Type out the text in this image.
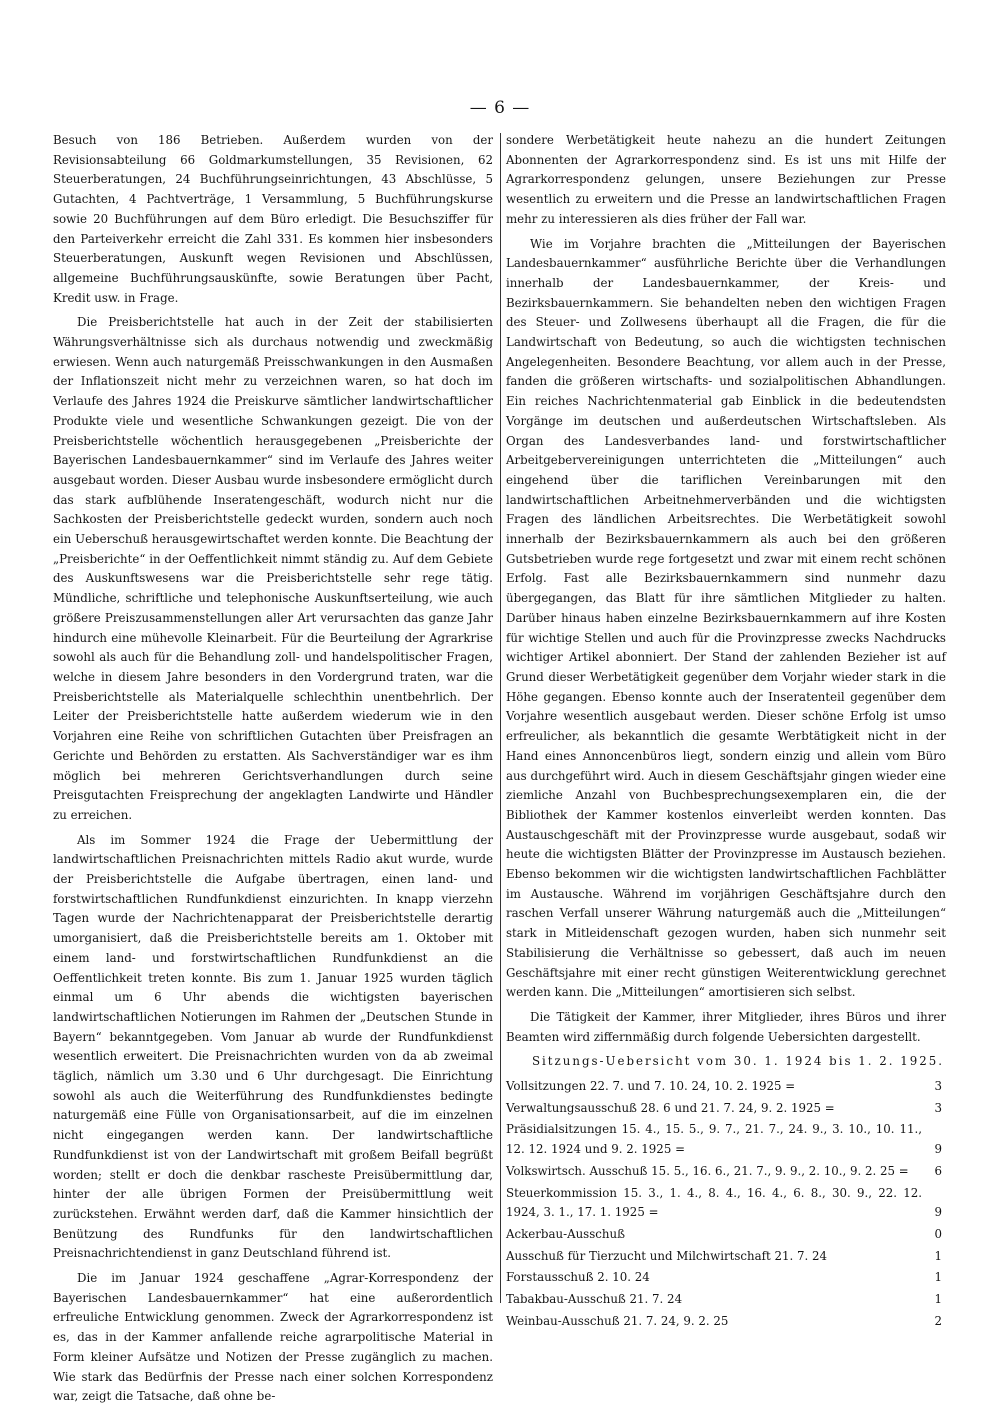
— 6 —

Besuch von 186 Betrieben. Außerdem wurden von der Revisionsabteilung 66 Goldmarkumstellungen, 35 Revisionen, 62 Steuerberatungen, 24 Buchführungseinrichtungen, 43 Abschlüsse, 5 Gutachten, 4 Pachtverträge, 1 Versammlung, 5 Buchführungskurse sowie 20 Buchführungen auf dem Büro erledigt. Die Besuchsziffer für den Parteiverkehr erreicht die Zahl 331. Es kommen hier insbesonders Steuerberatungen, Auskunft wegen Revisionen und Abschlüssen, allgemeine Buchführungsauskünfte, sowie Beratungen über Pacht, Kredit usw. in Frage.

Die Preisberichtstelle hat auch in der Zeit der stabilisierten Währungsverhältnisse sich als durchaus notwendig und zweckmäßig erwiesen. Wenn auch naturgemäß Preisschwankungen in den Ausmaßen der Inflationszeit nicht mehr zu verzeichnen waren, so hat doch im Verlaufe des Jahres 1924 die Preiskurve sämtlicher landwirtschaftlicher Produkte viele und wesentliche Schwankungen gezeigt. Die von der Preisberichtstelle wöchentlich herausgegebenen „Preisberichte der Bayerischen Landesbauernkammer“ sind im Verlaufe des Jahres weiter ausgebaut worden. Dieser Ausbau wurde insbesondere ermöglicht durch das stark aufblühende Inseratengeschäft, wodurch nicht nur die Sachkosten der Preisberichtstelle gedeckt wurden, sondern auch noch ein Ueberschuß herausgewirtschaftet werden konnte. Die Beachtung der „Preisberichte“ in der Oeffentlichkeit nimmt ständig zu. Auf dem Gebiete des Auskunftswesens war die Preisberichtstelle sehr rege tätig. Mündliche, schriftliche und telephonische Auskunftserteilung, wie auch größere Preiszusammenstellungen aller Art verursachten das ganze Jahr hindurch eine mühevolle Kleinarbeit. Für die Beurteilung der Agrarkrise sowohl als auch für die Behandlung zoll- und handelspolitischer Fragen, welche in diesem Jahre besonders in den Vordergrund traten, war die Preisberichtstelle als Materialquelle schlechthin unentbehrlich. Der Leiter der Preisberichtstelle hatte außerdem wiederum wie in den Vorjahren eine Reihe von schriftlichen Gutachten über Preisfragen an Gerichte und Behörden zu erstatten. Als Sachverständiger war es ihm möglich bei mehreren Gerichtsverhandlungen durch seine Preisgutachten Freisprechung der angeklagten Landwirte und Händler zu erreichen.

Als im Sommer 1924 die Frage der Uebermittlung der landwirtschaftlichen Preisnachrichten mittels Radio akut wurde, wurde der Preisberichtstelle die Aufgabe übertragen, einen land- und forstwirtschaftlichen Rundfunkdienst einzurichten. In knapp vierzehn Tagen wurde der Nachrichtenapparat der Preisberichtstelle derartig umorganisiert, daß die Preisberichtstelle bereits am 1. Oktober mit einem land- und forstwirtschaftlichen Rundfunkdienst an die Oeffentlichkeit treten konnte. Bis zum 1. Januar 1925 wurden täglich einmal um 6 Uhr abends die wichtigsten bayerischen landwirtschaftlichen Notierungen im Rahmen der „Deutschen Stunde in Bayern“ bekanntgegeben. Vom Januar ab wurde der Rundfunkdienst wesentlich erweitert. Die Preisnachrichten wurden von da ab zweimal täglich, nämlich um 3.30 und 6 Uhr durchgesagt. Die Einrichtung sowohl als auch die Weiterführung des Rundfunkdienstes bedingte naturgemäß eine Fülle von Organisationsarbeit, auf die im einzelnen nicht eingegangen werden kann. Der landwirtschaftliche Rundfunkdienst ist von der Landwirtschaft mit großem Beifall begrüßt worden; stellt er doch die denkbar rascheste Preisübermittlung dar, hinter der alle übrigen Formen der Preisübermittlung weit zurückstehen. Erwähnt werden darf, daß die Kammer hinsichtlich der Benützung des Rundfunks für den landwirtschaftlichen Preisnachrichtendienst in ganz Deutschland führend ist.

Die im Januar 1924 geschaffene „Agrar-Korrespondenz der Bayerischen Landesbauernkammer“ hat eine außerordentlich erfreuliche Entwicklung genommen. Zweck der Agrarkorrespondenz ist es, das in der Kammer anfallende reiche agrarpolitische Material in Form kleiner Aufsätze und Notizen der Presse zugänglich zu machen. Wie stark das Bedürfnis der Presse nach einer solchen Korrespondenz war, zeigt die Tatsache, daß ohne be-

sondere Werbetätigkeit heute nahezu an die hundert Zeitungen Abonnenten der Agrarkorrespondenz sind. Es ist uns mit Hilfe der Agrarkorrespondenz gelungen, unsere Beziehungen zur Presse wesentlich zu erweitern und die Presse an landwirtschaftlichen Fragen mehr zu interessieren als dies früher der Fall war.

Wie im Vorjahre brachten die „Mitteilungen der Bayerischen Landesbauernkammer“ ausführliche Berichte über die Verhandlungen innerhalb der Landesbauernkammer, der Kreis- und Bezirksbauernkammern. Sie behandelten neben den wichtigen Fragen des Steuer- und Zollwesens überhaupt all die Fragen, die für die Landwirtschaft von Bedeutung, so auch die wichtigsten technischen Angelegenheiten. Besondere Beachtung, vor allem auch in der Presse, fanden die größeren wirtschafts- und sozialpolitischen Abhandlungen. Ein reiches Nachrichtenmaterial gab Einblick in die bedeutendsten Vorgänge im deutschen und außerdeutschen Wirtschaftsleben. Als Organ des Landesverbandes land- und forstwirtschaftlicher Arbeitgebervereinigungen unterrichteten die „Mitteilungen“ auch eingehend über die tariflichen Vereinbarungen mit den landwirtschaftlichen Arbeitnehmerverbänden und die wichtigsten Fragen des ländlichen Arbeitsrechtes. Die Werbetätigkeit sowohl innerhalb der Bezirksbauernkammern als auch bei den größeren Gutsbetrieben wurde rege fortgesetzt und zwar mit einem recht schönen Erfolg. Fast alle Bezirksbauernkammern sind nunmehr dazu übergegangen, das Blatt für ihre sämtlichen Mitglieder zu halten. Darüber hinaus haben einzelne Bezirksbauernkammern auf ihre Kosten für wichtige Stellen und auch für die Provinzpresse zwecks Nachdrucks wichtiger Artikel abonniert. Der Stand der zahlenden Bezieher ist auf Grund dieser Werbetätigkeit gegenüber dem Vorjahr wieder stark in die Höhe gegangen. Ebenso konnte auch der Inseratenteil gegenüber dem Vorjahre wesentlich ausgebaut werden. Dieser schöne Erfolg ist umso erfreulicher, als bekanntlich die gesamte Werbtätigkeit nicht in der Hand eines Annoncenbüros liegt, sondern einzig und allein vom Büro aus durchgeführt wird. Auch in diesem Geschäftsjahr gingen wieder eine ziemliche Anzahl von Buchbesprechungsexemplaren ein, die der Bibliothek der Kammer kostenlos einverleibt werden konnten. Das Austauschgeschäft mit der Provinzpresse wurde ausgebaut, sodaß wir heute die wichtigsten Blätter der Provinzpresse im Austausch beziehen. Ebenso bekommen wir die wichtigsten landwirtschaftlichen Fachblätter im Austausche. Während im vorjährigen Geschäftsjahre durch den raschen Verfall unserer Währung naturgemäß auch die „Mitteilungen“ stark in Mitleidenschaft gezogen wurden, haben sich nunmehr seit Stabilisierung die Verhältnisse so gebessert, daß auch im neuen Geschäftsjahre mit einer recht günstigen Weiterentwicklung gerechnet werden kann. Die „Mitteilungen“ amortisieren sich selbst.

Die Tätigkeit der Kammer, ihrer Mitglieder, ihres Büros und ihrer Beamten wird ziffernmäßig durch folgende Uebersichten dargestellt.

Sitzungs-Uebersicht vom 30. 1. 1924 bis 1. 2. 1925.

Vollsitzungen 22. 7. und 7. 10. 24, 10. 2. 1925 =	3
Verwaltungsausschuß 28. 6 und 21. 7. 24, 9. 2. 1925 =	3
Präsidialsitzungen 15. 4., 15. 5., 9. 7., 21. 7., 24. 9., 3. 10., 10. 11., 12. 12. 1924 und 9. 2. 1925 =	9
Volkswirtsch. Ausschuß 15. 5., 16. 6., 21. 7., 9. 9., 2. 10., 9. 2. 25 =	6
Steuerkommission 15. 3., 1. 4., 8. 4., 16. 4., 6. 8., 30. 9., 22. 12. 1924, 3. 1., 17. 1. 1925 =	9
Ackerbau-Ausschuß	0
Ausschuß für Tierzucht und Milchwirtschaft 21. 7. 24	1
Forstausschuß 2. 10. 24	1
Tabakbau-Ausschuß 21. 7. 24	1
Weinbau-Ausschuß 21. 7. 24, 9. 2. 25	2
